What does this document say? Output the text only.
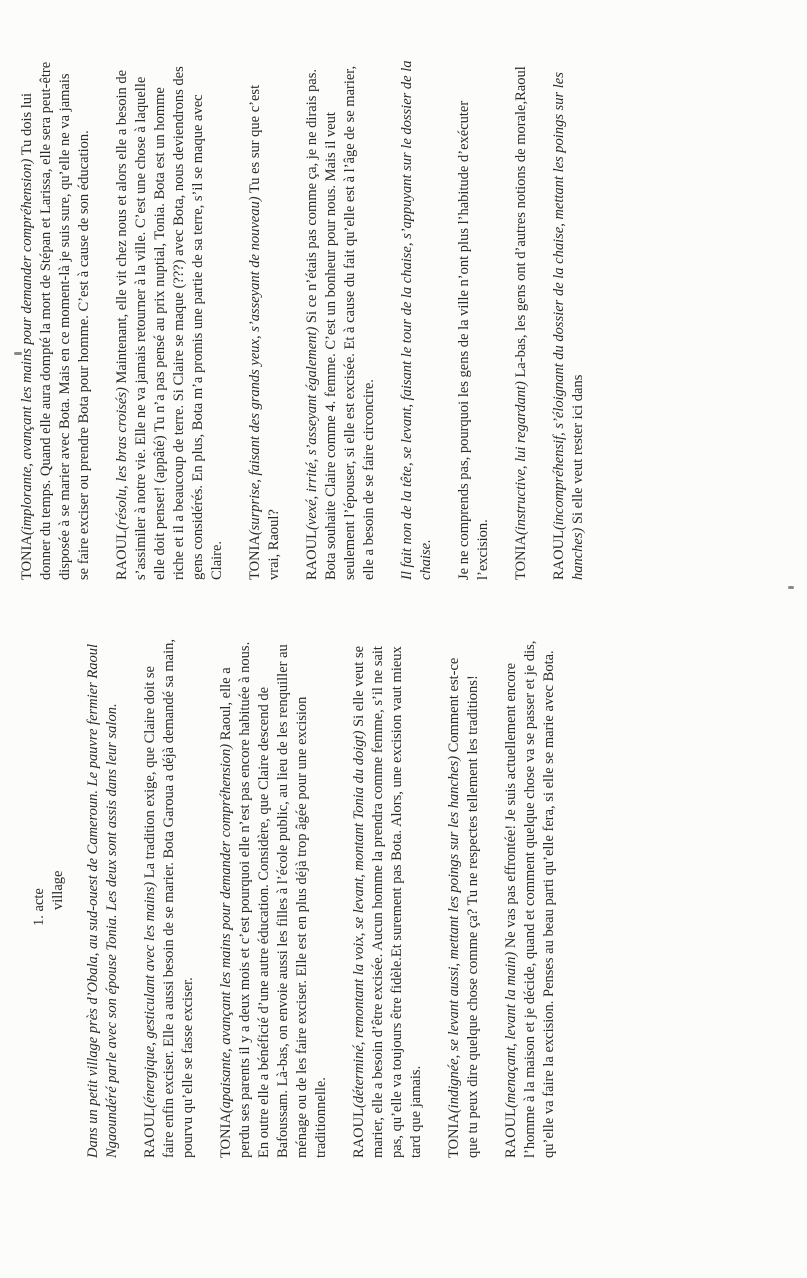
1. acte village Dans un petit village près d’Obala, au sud-ouest de Cameroun. Le pauvre fermier Raoul Ngaoundéré parle avec son épouse Tonia. Les deux sont assis dans leur salon. RAOUL(énergique, gesticulant avec les mains) La tradition exige, que Claire doit se faire enfin exciser. Elle a aussi besoin de se marier. Bota Garoua a déjà demandé sa main, pourvu qu’elle se fasse exciser. TONIA(apaisante, avançant les mains pour demander compréhension) Raoul, elle a perdu ses parents il y a deux mois et c’est pourquoi elle n’est pas encore habituée à nous. En outre elle a bénéficié d’une autre éducation. Considère, que Claire descend de Bafoussam. Là-bas, on envoie aussi les filles à l’école public, au lieu de les renquiller au ménage ou de les faire exciser. Elle est en plus déjà trop âgée pour une excision traditionnelle. RAOUL(déterminé, remontant la voix, se levant, montant Tonia du doigt) Si elle veut se marier, elle a besoin d’être excisée. Aucun homme la prendra comme femme, s’il ne sait pas, qu’elle va toujours être fidèle.Et surement pas Bota. Alors, une excision vaut mieux tard que jamais. TONIA(indignée, se levant aussi, mettant les poings sur les hanches) Comment est-ce que tu peux dire quelque chose comme ça? Tu ne respectes tellement les traditions! RAOUL(menaçant, levant la main) Ne vas pas effrontée! Je suis actuellement encore l’homme à la maison et je décide, quand et comment quelque chose va se passer et je dis, qu’elle va faire la excision. Penses au beau parti qu’elle fera, si elle se marie avec Bota.

TONIA(implorante, avançant les mains pour demander compréhension) Tu dois lui donner du temps. Quand elle aura dompté la mort de Stépan et Larissa, elle sera peut-être disposée à se marier avec Bota. Mais en ce moment-là je suis sure, qu’elle ne va jamais se faire exciser ou prendre Bota pour homme. C’est à cause de son éducation. RAOUL(résolu, les bras croisés) Maintenant, elle vit chez nous et alors elle a besoin de s’assimiler à notre vie. Elle ne va jamais retourner à la ville. C’est une chose à laquelle elle doit penser! (appâté) Tu n’a pas pensé au prix nuptial, Tonia. Bota est un homme riche et il a beaucoup de terre. Si Claire se maque (???) avec Bota, nous deviendrons des gens considérés. En plus, Bota m’a promis une partie de sa terre, s’il se maque avec Claire. TONIA(surprise, faisant des grands yeux, s’asseyant de nouveau) Tu es sur que c’est vrai, Raoul? RAOUL(vexé, irrité, s’asseyant également) Si ce n’étais pas comme ça, je ne dirais pas. Bota souhaite Claire comme 4. femme. C’est un bonheur pour nous. Mais il veut seulement l’épouser, si elle est excisée. Et à cause du fait qu’elle est à l’âge de se marier, elle a besoin de se faire circoncire. Il fait non de la tête, se levant, faisant le tour de la chaise, s’appuyant sur le dossier de la chaise. Je ne comprends pas, pourquoi les gens de la ville n’ont plus l’habitude d’exécuter l’excision. TONIA(instructive, lui regardant) La-bas, les gens ont d’autres notions de morale,Raoul

RAOUL(incompréhensif, s’éloignant du dossier de la chaise, mettant les poings sur les hanches) Si elle veut rester ici dans
